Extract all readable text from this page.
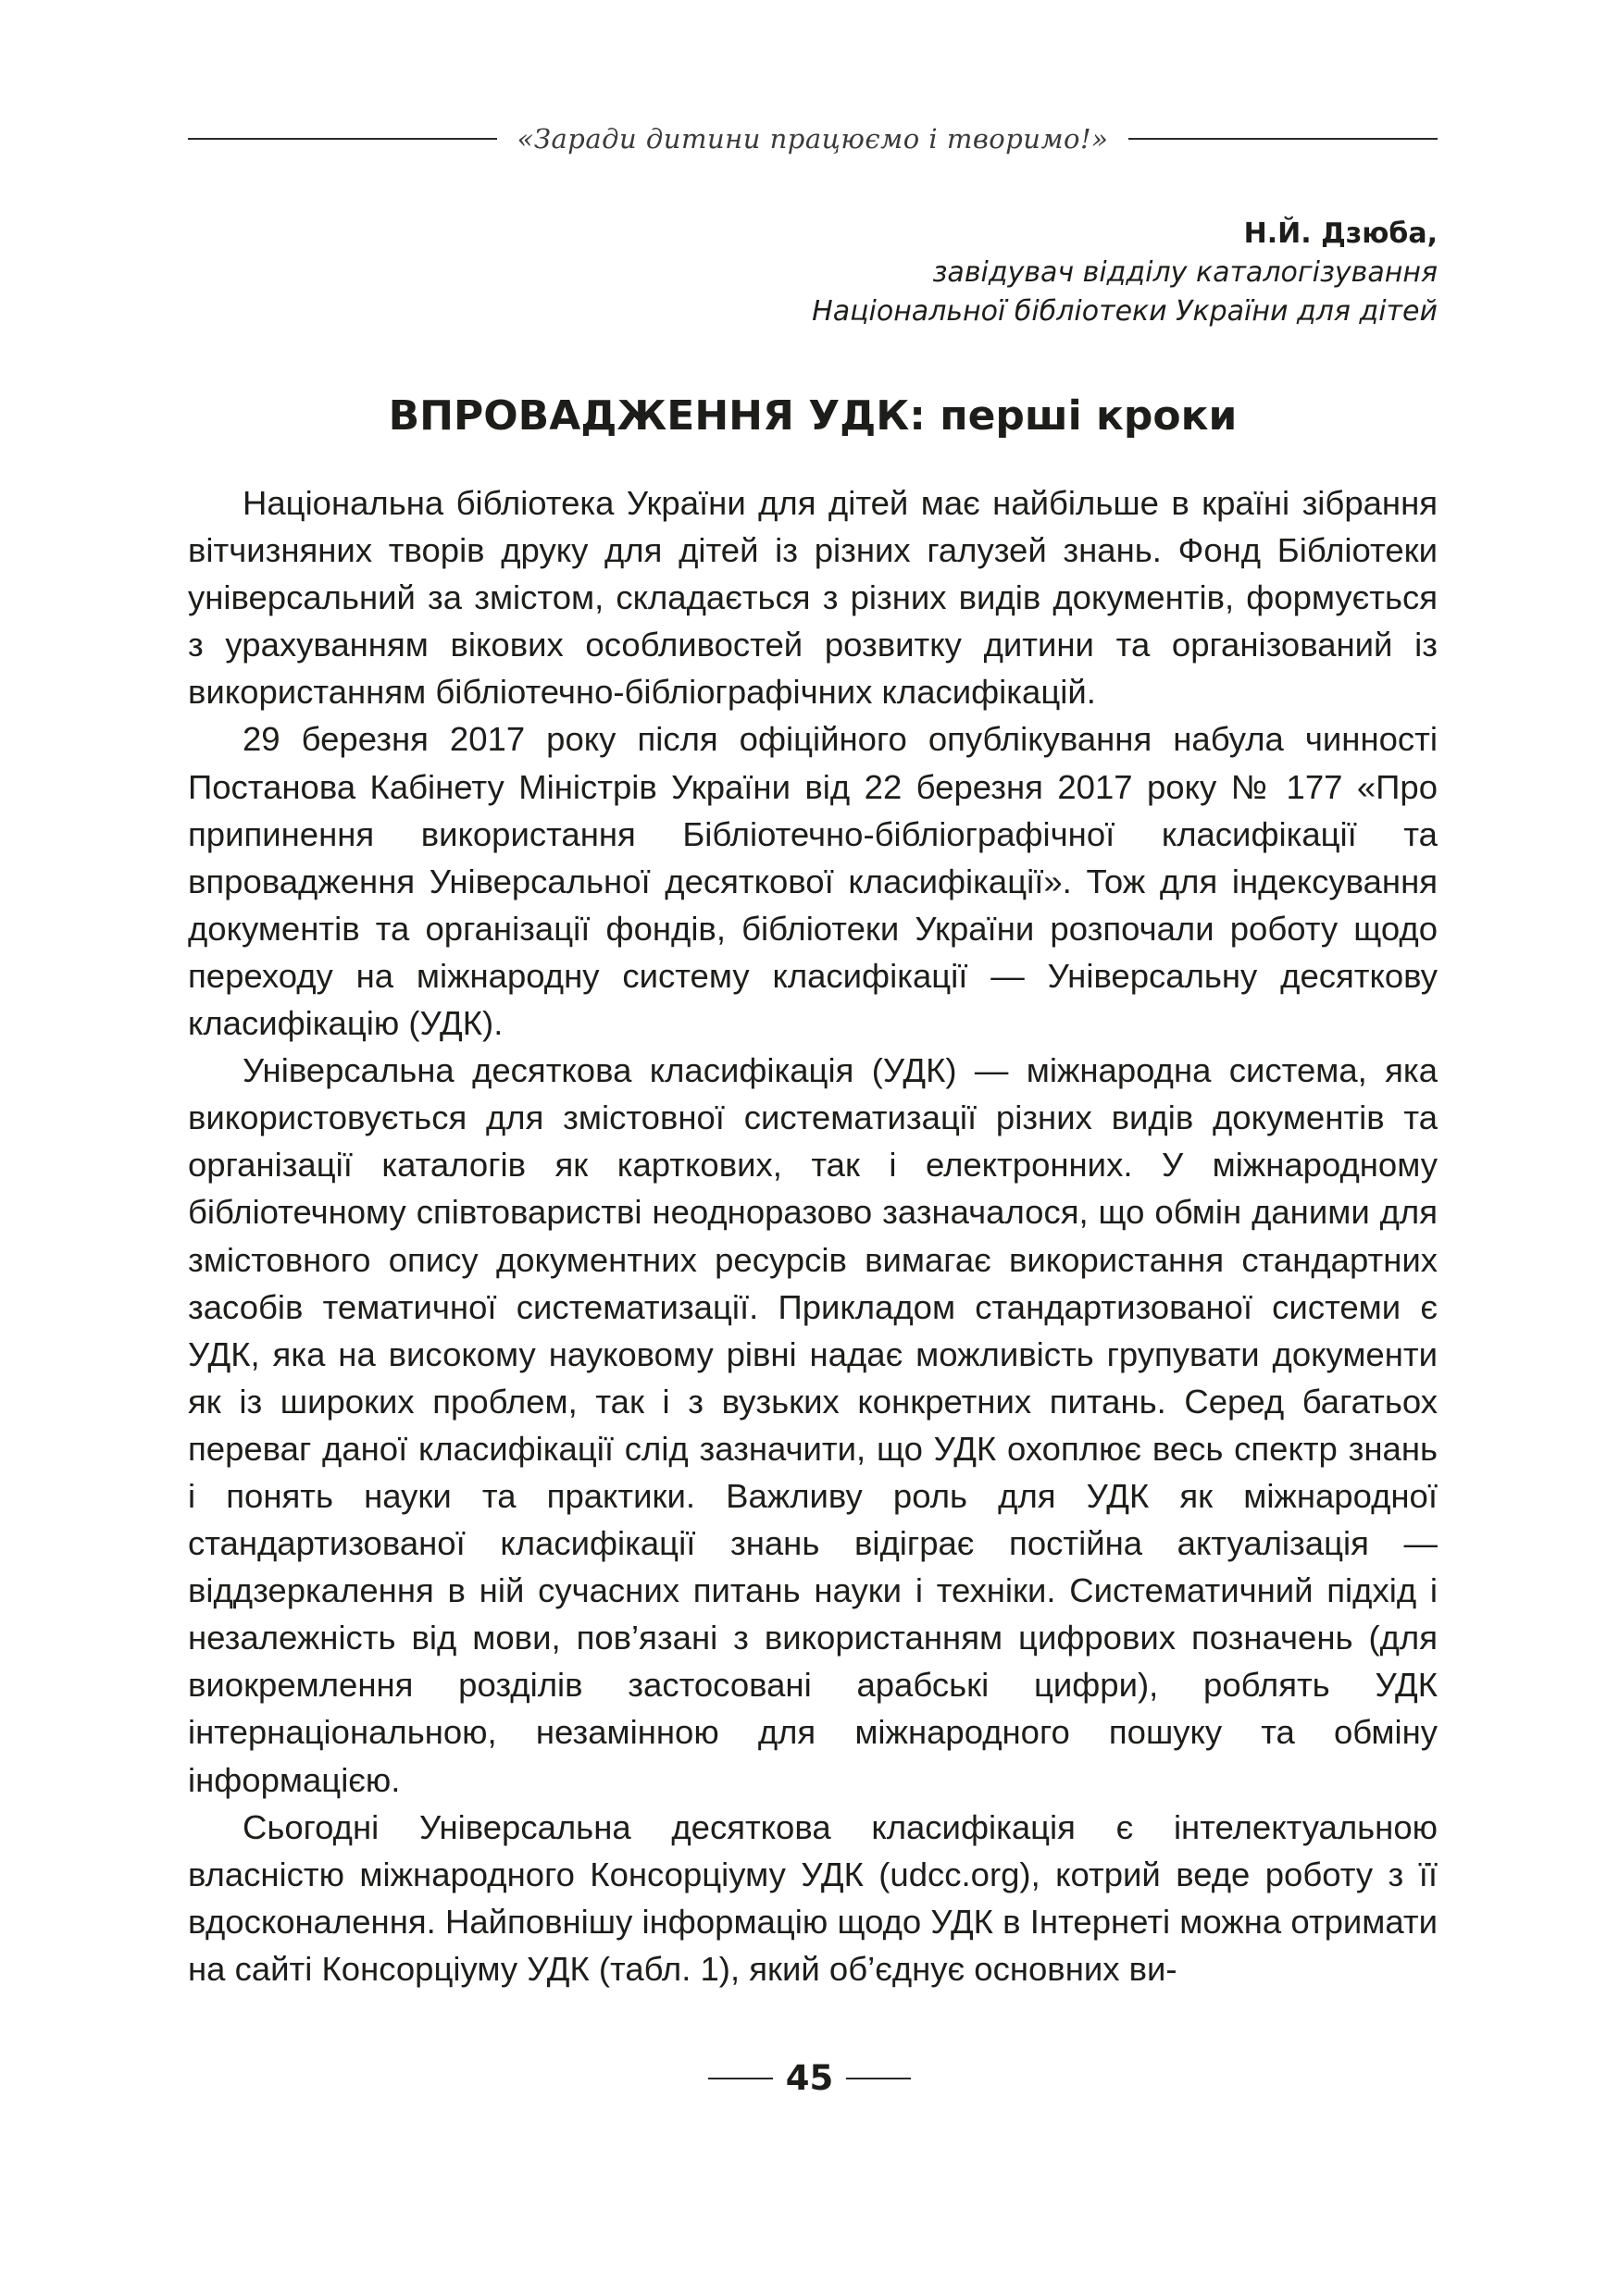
«Заради дитини працюємо і творимо!»
Н.Й. Дзюба,
завідувач відділу каталогізування
Національної бібліотеки України для дітей
ВПРОВАДЖЕННЯ УДК: перші кроки

Національна бібліотека України для дітей має найбільше в країні зібрання вітчизняних творів друку для дітей із різних галузей знань. Фонд Бібліотеки універсальний за змістом, складається з різних видів документів, формується з урахуванням вікових особливостей розвитку дитини та організований із використанням бібліотечно-бібліографічних класифікацій.

29 березня 2017 року після офіційного опублікування набула чинності Постанова Кабінету Міністрів України від 22 березня 2017 року № 177 «Про припинення використання Бібліотечно-бібліографічної класифікації та впровадження Універсальної десяткової класифікації». Тож для індексування документів та організації фондів, бібліотеки України розпочали роботу щодо переходу на міжнародну систему класифікації — Універсальну десяткову класифікацію (УДК).

Універсальна десяткова класифікація (УДК) — міжнародна система, яка використовується для змістовної систематизації різних видів документів та організації каталогів як карткових, так і електронних. У міжнародному бібліотечному співтоваристві неодноразово зазначалося, що обмін даними для змістовного опису документних ресурсів вимагає використання стандартних засобів тематичної систематизації. Прикладом стандартизованої системи є УДК, яка на високому науковому рівні надає можливість групувати документи як із широких проблем, так і з вузьких конкретних питань. Серед багатьох переваг даної класифікації слід зазначити, що УДК охоплює весь спектр знань і понять науки та практики. Важливу роль для УДК як міжнародної стандартизованої класифікації знань відіграє постійна актуалізація — віддзеркалення в ній сучасних питань науки і техніки. Систематичний підхід і незалежність від мови, пов’язані з використанням цифрових позначень (для виокремлення розділів застосовані арабські цифри), роблять УДК інтернаціональною, незамінною для міжнародного пошуку та обміну інформацією.

Сьогодні Універсальна десяткова класифікація є інтелектуальною власністю міжнародного Консорціуму УДК (udcc.org), котрий веде роботу з її вдосконалення. Найповнішу інформацію щодо УДК в Інтернеті можна отримати на сайті Консорціуму УДК (табл. 1), який об’єднує основних ви-

45
